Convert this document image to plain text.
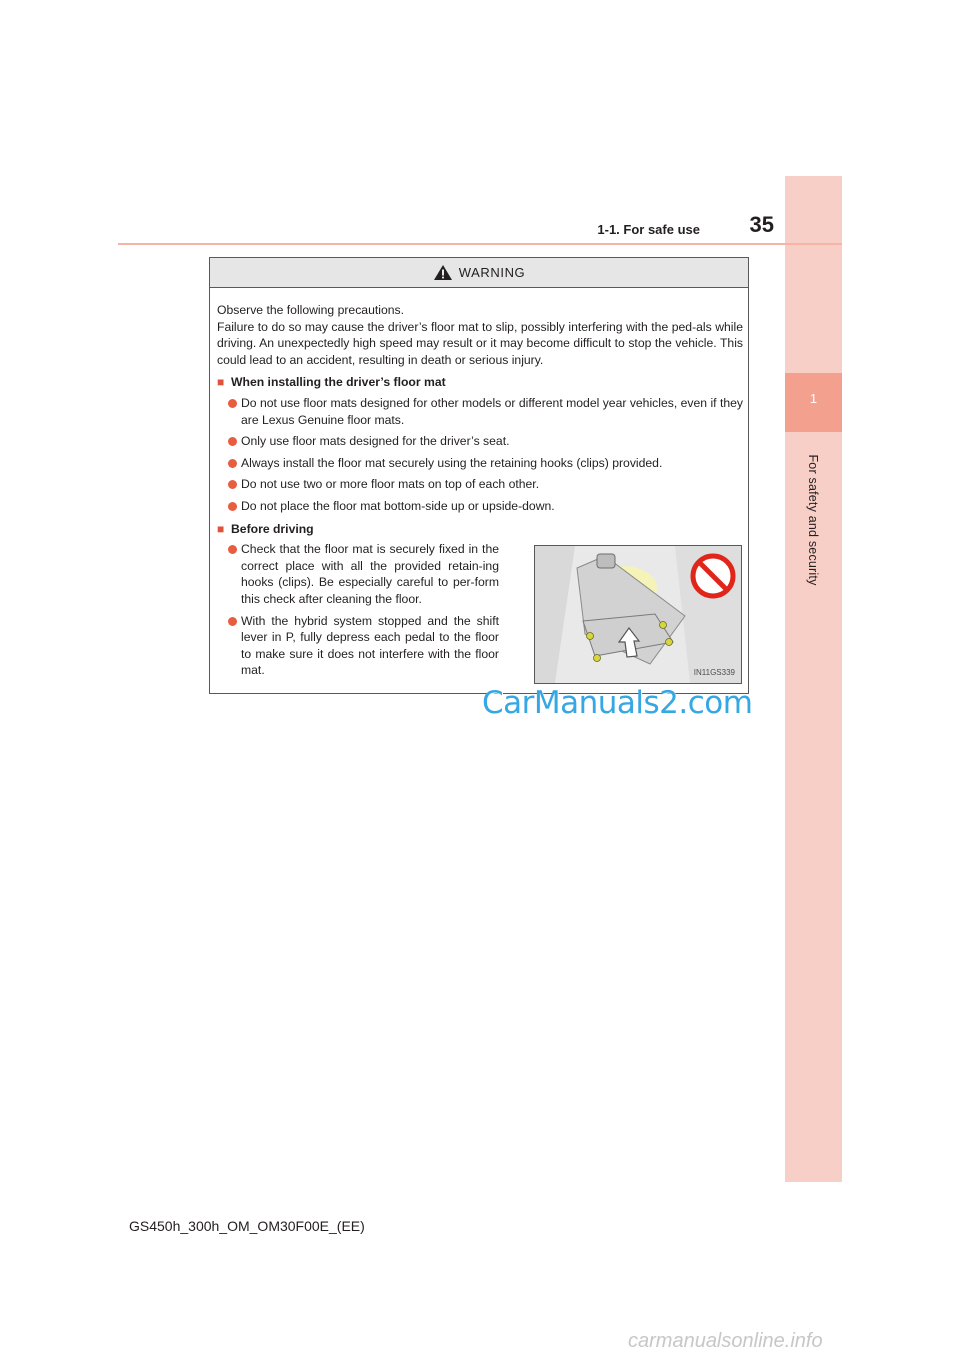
1
For safety and security
1-1. For safe use	35
WARNING

Observe the following precautions.

Failure to do so may cause the driver’s floor mat to slip, possibly interfering with the ped-als while driving. An unexpectedly high speed may result or it may become difficult to stop the vehicle. This could lead to an accident, resulting in death or serious injury.

■ When installing the driver’s floor mat
Do not use floor mats designed for other models or different model year vehicles, even if they are Lexus Genuine floor mats.
Only use floor mats designed for the driver’s seat.
Always install the floor mat securely using the retaining hooks (clips) provided.
Do not use two or more floor mats on top of each other.
Do not place the floor mat bottom-side up or upside-down.
■ Before driving
Check that the floor mat is securely fixed in the correct place with all the provided retain-ing hooks (clips). Be especially careful to per-form this check after cleaning the floor.
With the hybrid system stopped and the shift lever in P, fully depress each pedal to the floor to make sure it does not interfere with the floor mat.	IN11GS339
CarManuals2.com
GS450h_300h_OM_OM30F00E_(EE)
carmanualsonline.info
